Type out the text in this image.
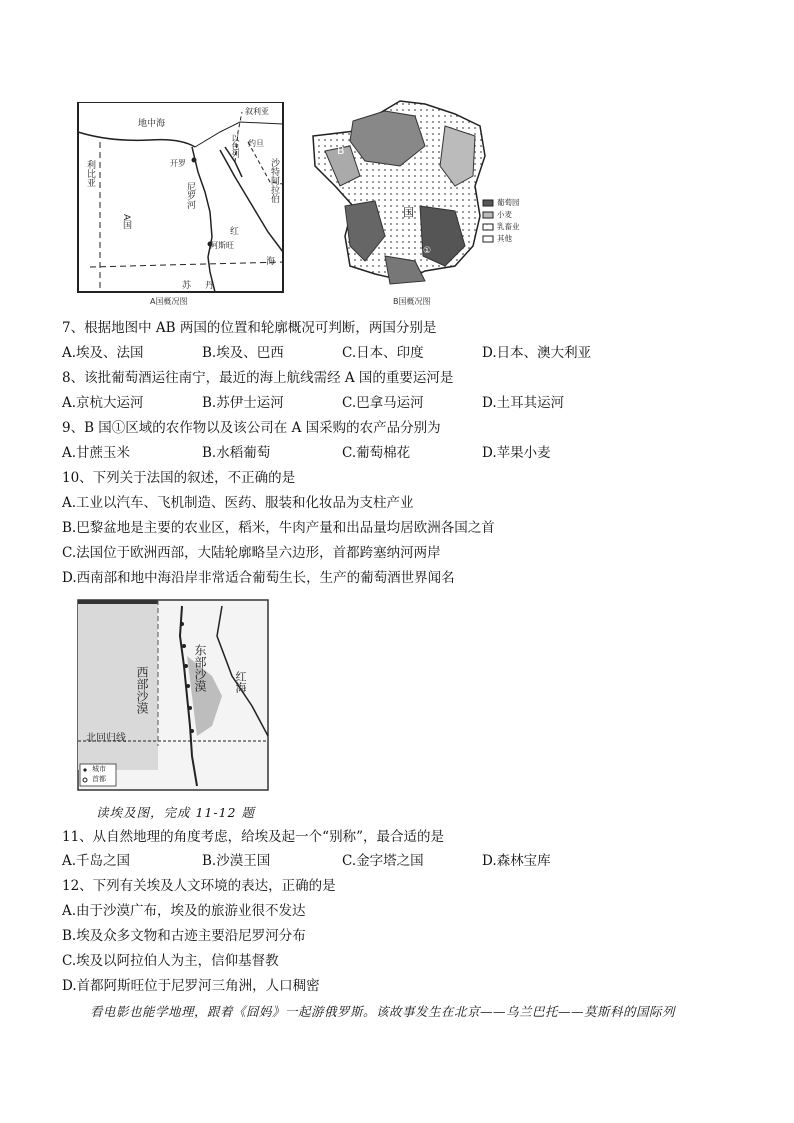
地中海
叙利亚
以色列 约旦
沙特阿拉伯
开罗
利比亚
A国
尼罗河
红
海
阿斯旺
苏丹
A国概况图
B
国
①
葡萄园
小麦
乳畜业
其他
B国概况图
7、根据地图中 AB 两国的位置和轮廓概况可判断，两国分别是
A.埃及、法国	B.埃及、巴西	C.日本、印度	D.日本、澳大利亚
8、该批葡萄酒运往南宁，最近的海上航线需经 A 国的重要运河是
A.京杭大运河	B.苏伊士运河	C.巴拿马运河	D.土耳其运河
9、B 国①区域的农作物以及该公司在 A 国采购的农产品分别为
A.甘蔗玉米	B.水稻葡萄	C.葡萄棉花	D.苹果小麦
10、下列关于法国的叙述，不正确的是
A.工业以汽车、飞机制造、医药、服装和化妆品为支柱产业
B.巴黎盆地是主要的农业区，稻米，牛肉产量和出品量均居欧洲各国之首
C.法国位于欧洲西部，大陆轮廓略呈六边形，首都跨塞纳河两岸
D.西南部和地中海沿岸非常适合葡萄生长，生产的葡萄酒世界闻名
西部沙漠	东部沙漠 红海
北回归线
城市
首都
读埃及图，完成 11-12 题
11、从自然地理的角度考虑，给埃及起一个“别称”，最合适的是
A.千岛之国	B.沙漠王国	C.金字塔之国	D.森林宝库
12、下列有关埃及人文环境的表达，正确的是
A.由于沙漠广布，埃及的旅游业很不发达
B.埃及众多文物和古迹主要沿尼罗河分布
C.埃及以阿拉伯人为主，信仰基督教
D.首都阿斯旺位于尼罗河三角洲，人口稠密
看电影也能学地理，跟着《囧妈》一起游俄罗斯。该故事发生在北京——乌兰巴托——莫斯科的国际列
